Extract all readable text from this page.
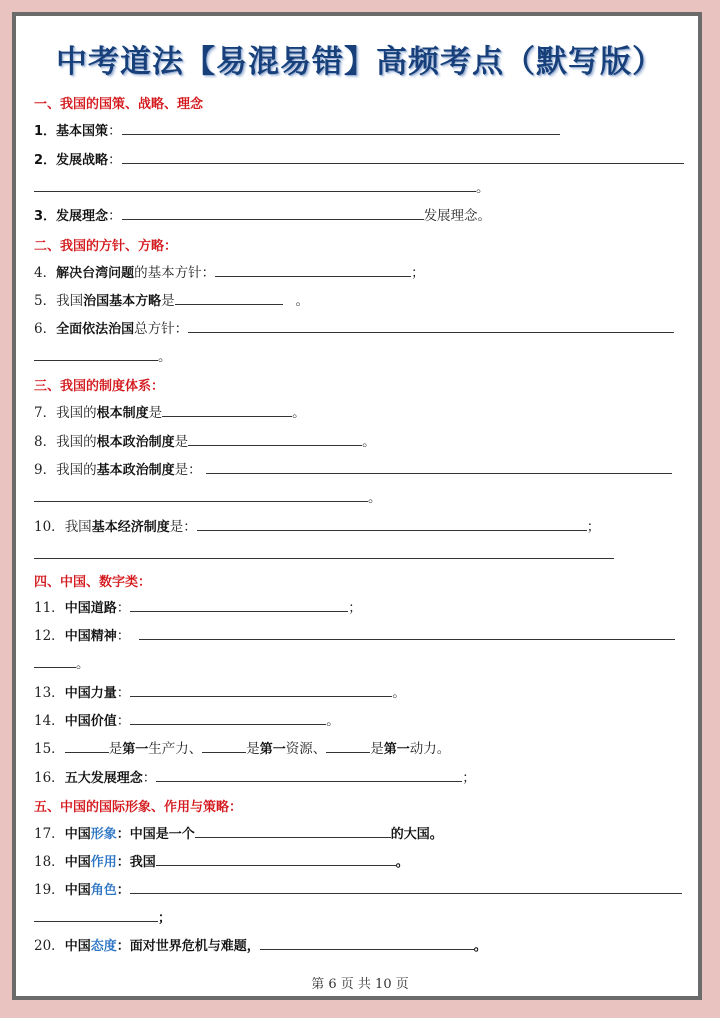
中考道法【易混易错】高频考点（默写版）
一、我国的国策、战略、理念
1．基本国策：
2．发展战略：
。
3．发展理念：	发展理念。
二、我国的方针、方略：
4．解决台湾问题的基本方针：	；
5．我国治国基本方略是	。
6．全面依法治国总方针：
。
三、我国的制度体系：
7．我国的根本制度是	。
8．我国的根本政治制度是	。
9．我国的基本政治制度是：
。
10．我国基本经济制度是：	；
四、中国、数字类：
11．中国道路：	；
12．中国精神：
。
13．中国力量：	。
14．中国价值：	。
15．	是第一生产力、	是第一资源、	是第一动力。
16．五大发展理念：	；
五、中国的国际形象、作用与策略：
17．中国形象：中国是一个	的大国。
18．中国作用：我国	。
19．中国角色：
；
20．中国态度：面对世界危机与难题，	。
第 6 页 共 10 页
